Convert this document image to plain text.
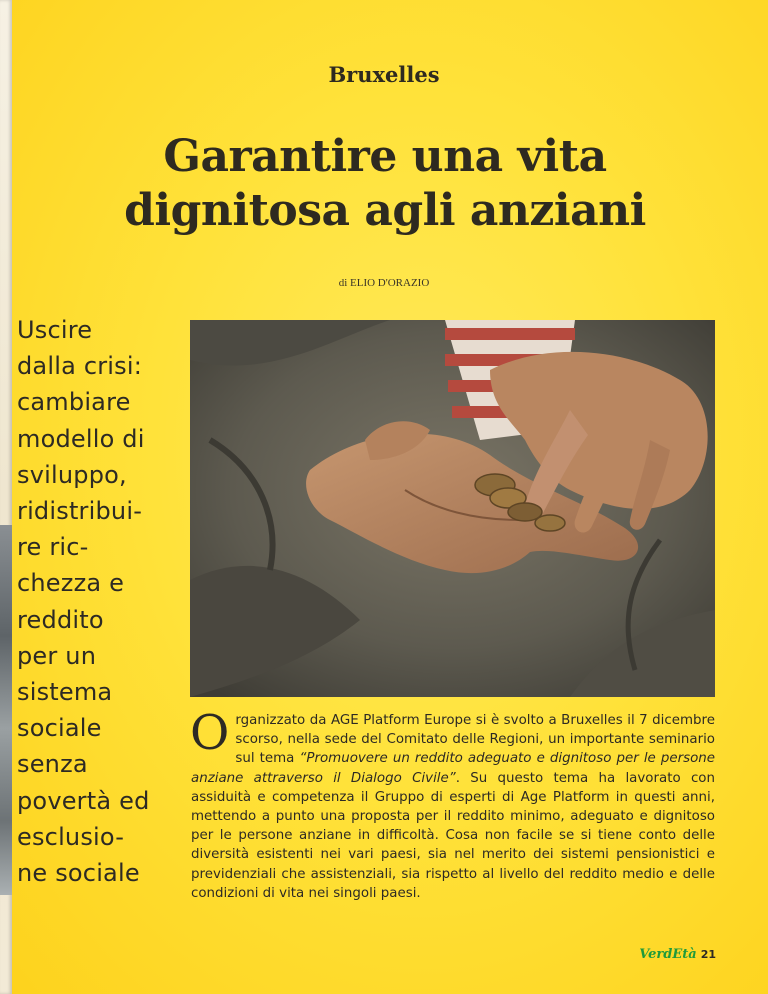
Bruxelles
Garantire una vita
dignitosa agli anziani
di ELIO D'ORAZIO
Uscire
dalla crisi:
cambiare
modello di
sviluppo,
ridistribui-
re ric-
chezza e
reddito
per un
sistema
sociale
senza
povertà ed
esclusio-
ne sociale
Organizzato da AGE Platform Europe si è svolto a Bruxelles il 7 dicembre scorso, nella sede del Comitato delle Regioni, un importante seminario sul tema “Promuovere un reddito adeguato e dignitoso per le persone anziane attraverso il Dialogo Civile”. Su questo tema ha lavorato con assiduità e competenza il Gruppo di esperti di Age Platform in questi anni, mettendo a punto una proposta per il reddito minimo, adeguato e dignitoso per le persone anziane in difficoltà. Cosa non facile se si tiene conto delle diversità esistenti nei vari paesi, sia nel merito dei sistemi pensionistici e previdenziali che assistenziali, sia rispetto al livello del reddito medio e delle condizioni di vita nei singoli paesi.
VerdEtà 21
